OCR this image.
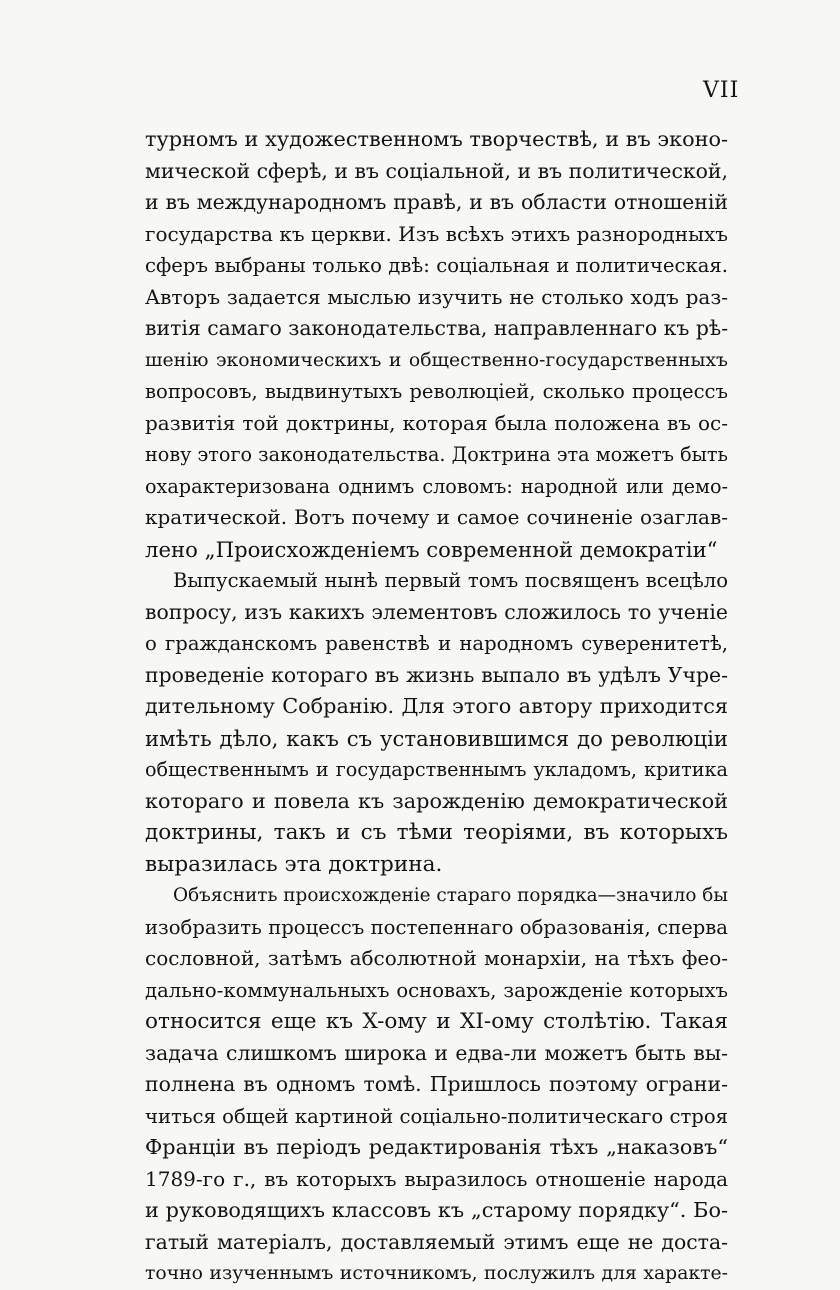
VII
турномъ и художественномъ творчествѣ, и въ эконо-
мической сферѣ, и въ соціальной, и въ политической,
и въ международномъ правѣ, и въ области отношеній
государства къ церкви. Изъ всѣхъ этихъ разнородныхъ
сферъ выбраны только двѣ: соціальная и политическая.
Авторъ задается мыслью изучить не столько ходъ раз-
витія самаго законодательства, направленнаго къ рѣ-
шенію экономическихъ и общественно-государственныхъ
вопросовъ, выдвинутыхъ революціей, сколько процессъ
развитія той доктрины, которая была положена въ ос-
нову этого законодательства. Доктрина эта можетъ быть
охарактеризована однимъ словомъ: народной или демо-
кратической. Вотъ почему и самое сочиненіе озаглав-
лено „Происхожденіемъ современной демократіи“
Выпускаемый нынѣ первый томъ посвященъ всецѣло
вопросу, изъ какихъ элементовъ сложилось то ученіе
о гражданскомъ равенствѣ и народномъ суверенитетѣ,
проведеніе котораго въ жизнь выпало въ удѣлъ Учре-
дительному Собранію. Для этого автору приходится
имѣть дѣло, какъ съ установившимся до революціи
общественнымъ и государственнымъ укладомъ, критика
котораго и повела къ зарожденію демократической
доктрины, такъ и съ тѣми теоріями, въ которыхъ
выразилась эта доктрина.
Объяснить происхожденіе стараго порядка—значило бы
изобразить процессъ постепеннаго образованія, сперва
сословной, затѣмъ абсолютной монархіи, на тѣхъ фео-
дально-коммунальныхъ основахъ, зарожденіе которыхъ
относится еще къ X-ому и XI-ому столѣтію. Такая
задача слишкомъ широка и едва-ли можетъ быть вы-
полнена въ одномъ томѣ. Пришлось поэтому ограни-
читься общей картиной соціально-политическаго строя
Франціи въ періодъ редактированія тѣхъ „наказовъ“
1789-го г., въ которыхъ выразилось отношеніе народа
и руководящихъ классовъ къ „старому порядку“. Бо-
гатый матеріалъ, доставляемый этимъ еще не доста-
точно изученнымъ источникомъ, послужилъ для характе-
